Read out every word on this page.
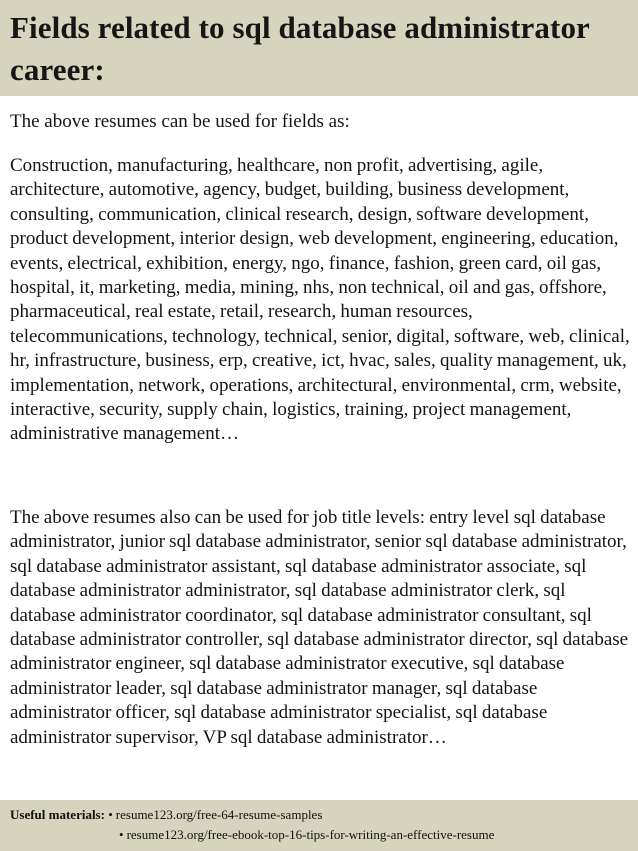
Fields related to sql database administrator career:

The above resumes can be used for fields as:

Construction, manufacturing, healthcare, non profit, advertising, agile, architecture, automotive, agency, budget, building, business development, consulting, communication, clinical research, design, software development, product development, interior design, web development, engineering, education, events, electrical, exhibition, energy, ngo, finance, fashion, green card, oil gas, hospital, it, marketing, media, mining, nhs, non technical, oil and gas, offshore, pharmaceutical, real estate, retail, research, human resources, telecommunications, technology, technical, senior, digital, software, web, clinical, hr, infrastructure, business, erp, creative, ict, hvac, sales, quality management, uk, implementation, network, operations, architectural, environmental, crm, website, interactive, security, supply chain, logistics, training, project management, administrative management…

The above resumes also can be used for job title levels: entry level sql database administrator, junior sql database administrator, senior sql database administrator, sql database administrator assistant, sql database administrator associate, sql database administrator administrator, sql database administrator clerk, sql database administrator coordinator, sql database administrator consultant, sql database administrator controller, sql database administrator director, sql database administrator engineer, sql database administrator executive, sql database administrator leader, sql database administrator manager, sql database administrator officer, sql database administrator specialist, sql database administrator supervisor, VP sql database administrator…

Useful materials: • resume123.org/free-64-resume-samples
• resume123.org/free-ebook-top-16-tips-for-writing-an-effective-resume
